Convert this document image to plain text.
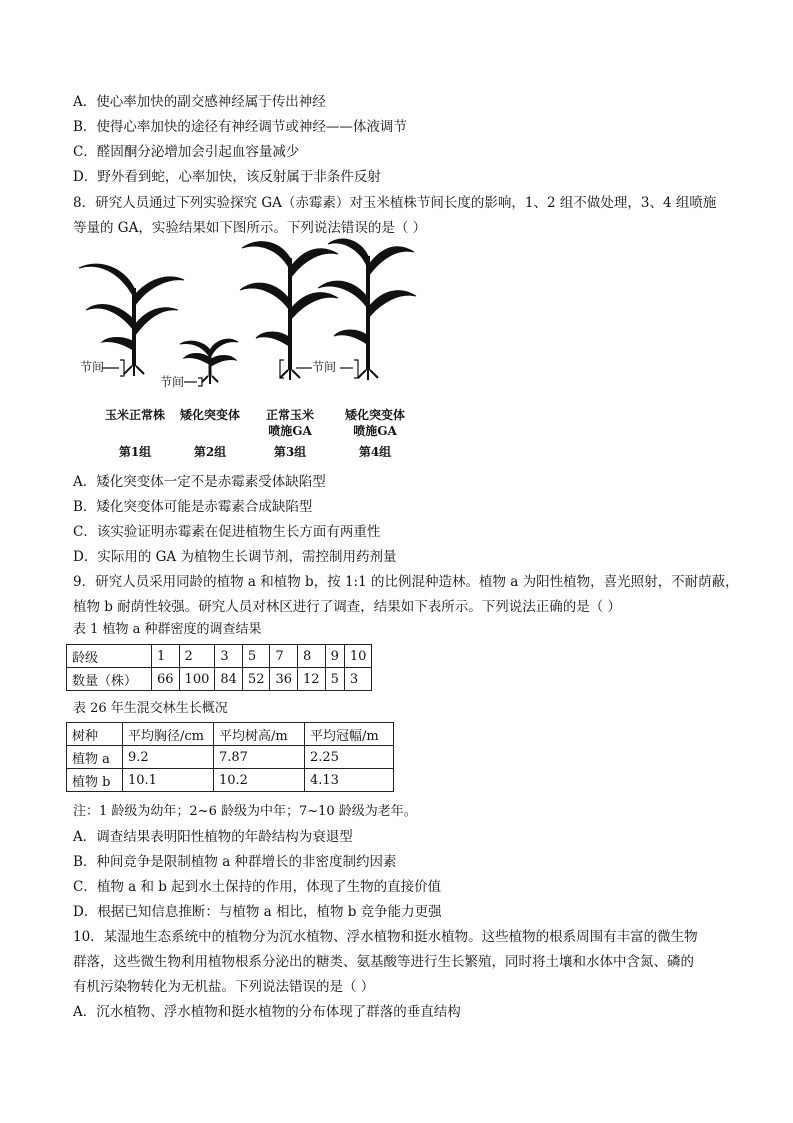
A．使心率加快的副交感神经属于传出神经
B．使得心率加快的途径有神经调节或神经——体液调节
C．醛固酮分泌增加会引起血容量减少
D．野外看到蛇，心率加快，该反射属于非条件反射
8．研究人员通过下列实验探究 GA（赤霉素）对玉米植株节间长度的影响，1、2 组不做处理，3、4 组喷施
等量的 GA，实验结果如下图所示。下列说法错误的是（ ）
节间
节间
节间
玉米正常株
第1组
矮化突变体
第2组
正常玉米
喷施GA
第3组
矮化突变体
喷施GA
第4组
A．矮化突变体一定不是赤霉素受体缺陷型
B．矮化突变体可能是赤霉素合成缺陷型
C．该实验证明赤霉素在促进植物生长方面有两重性
D．实际用的 GA 为植物生长调节剂，需控制用药剂量
9．研究人员采用同龄的植物 a 和植物 b，按 1:1 的比例混种造林。植物 a 为阳性植物，喜光照射，不耐荫蔽，
植物 b 耐荫性较强。研究人员对林区进行了调查，结果如下表所示。下列说法正确的是（ ）
表 1 植物 a 种群密度的调查结果
龄级	1	2	3	5	7	8	9	10
数量（株）	66	100	84	52	36	12	5	3
表 26 年生混交林生长概况
树种	平均胸径/cm	平均树高/m	平均冠幅/m
植物 a	9.2	7.87	2.25
植物 b	10.1	10.2	4.13
注：1 龄级为幼年；2~6 龄级为中年；7~10 龄级为老年。
A．调查结果表明阳性植物的年龄结构为衰退型
B．种间竞争是限制植物 a 种群增长的非密度制约因素
C．植物 a 和 b 起到水土保持的作用，体现了生物的直接价值
D．根据已知信息推断：与植物 a 相比，植物 b 竞争能力更强
10．某湿地生态系统中的植物分为沉水植物、浮水植物和挺水植物。这些植物的根系周围有丰富的微生物
群落，这些微生物利用植物根系分泌出的糖类、氨基酸等进行生长繁殖，同时将土壤和水体中含氮、磷的
有机污染物转化为无机盐。下列说法错误的是（ ）
A．沉水植物、浮水植物和挺水植物的分布体现了群落的垂直结构
